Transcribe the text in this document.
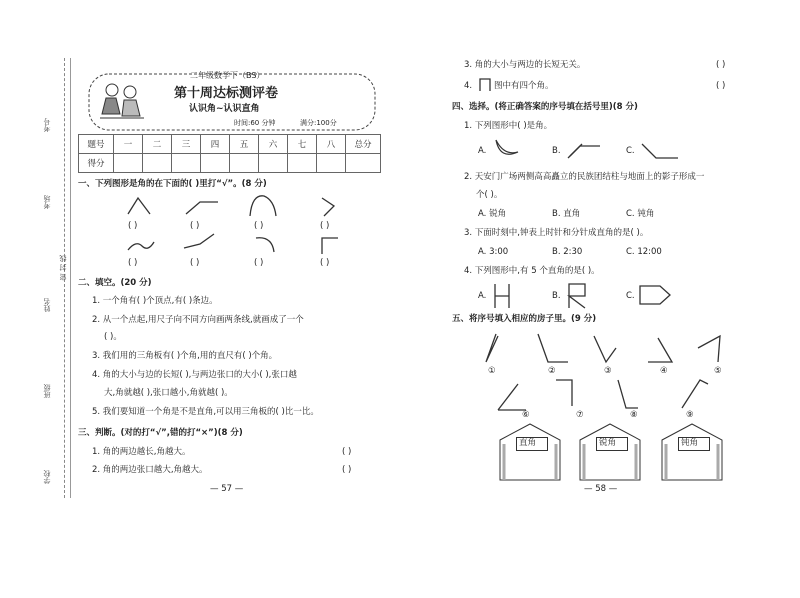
考号
考场
密 封 线
姓名
班级
学校
二年级数学下（BS）
第十周达标测评卷
认识角~认识直角
时间:60 分钟	满分:100分
题号	一	二	三	四	五	六	七	八	总分
得分									
一、下列图形是角的在下面的( )里打“√”。(8 分)
( )	( )	( )	( )
( )	( )	( )	( )
二、填空。(20 分)
1. 一个角有( )个顶点,有( )条边。
2. 从一个点起,用尺子向不同方向画两条线,就画成了一个
( )。
3. 我们用的三角板有( )个角,用的直尺有( )个角。
4. 角的大小与边的长短( ),与两边张口的大小( ),张口越
大,角就越( ),张口越小,角就越( )。
5. 我们要知道一个角是不是直角,可以用三角板的( )比一比。
三、判断。(对的打“√”,错的打“×”)(8 分)
1. 角的两边越长,角越大。	( )
2. 角的两边张口越大,角越大。	( )
— 57 —
3. 角的大小与两边的长短无关。	( )
4.	图中有四个角。	( )
四、选择。(将正确答案的序号填在括号里)(8 分)
1. 下列图形中( )是角。
A.	B.	C.
2. 天安门广场两侧高高矗立的民族团结柱与地面上的影子形成一
个( )。
A. 锐角	B. 直角	C. 钝角
3. 下面时刻中,钟表上时针和分针成直角的是( )。
A. 3:00	B. 2:30	C. 12:00
4. 下列图形中,有 5 个直角的是( )。
A.	B.	C.
五、将序号填入相应的房子里。(9 分)
①	②	③	④	⑤
⑥	⑦	⑧	⑨
直角	锐角	钝角
— 58 —
